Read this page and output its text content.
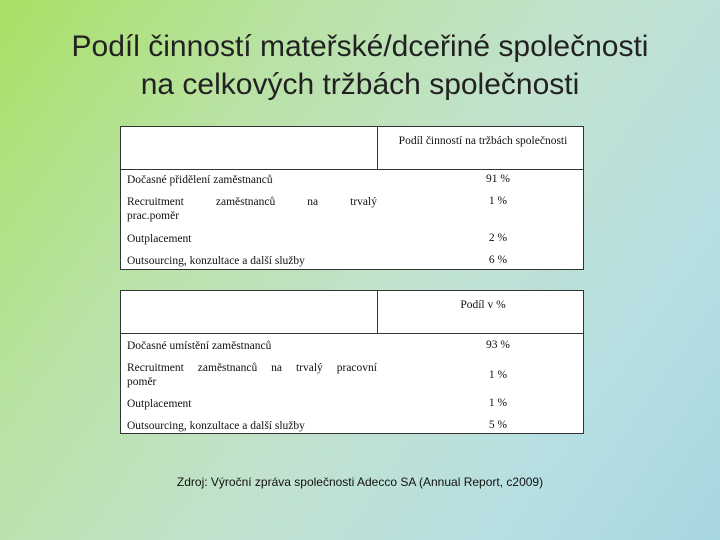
Podíl činností mateřské/dceřiné společnosti
na celkových tržbách společnosti
Podíl činností na tržbách společnosti
Dočasné přidělení zaměstnanců	91 %
Recruitment zaměstnanců na trvalý
prac.poměr
1 %
Outplacement	2 %
Outsourcing, konzultace a další služby	6 %
Podíl v %
Dočasné umístění zaměstnanců	93 %
Recruitment zaměstnanců na trvalý pracovní
poměr
1 %
Outplacement	1 %
Outsourcing, konzultace a další služby	5 %
Zdroj: Výroční zpráva společnosti Adecco SA (Annual Report, c2009)
